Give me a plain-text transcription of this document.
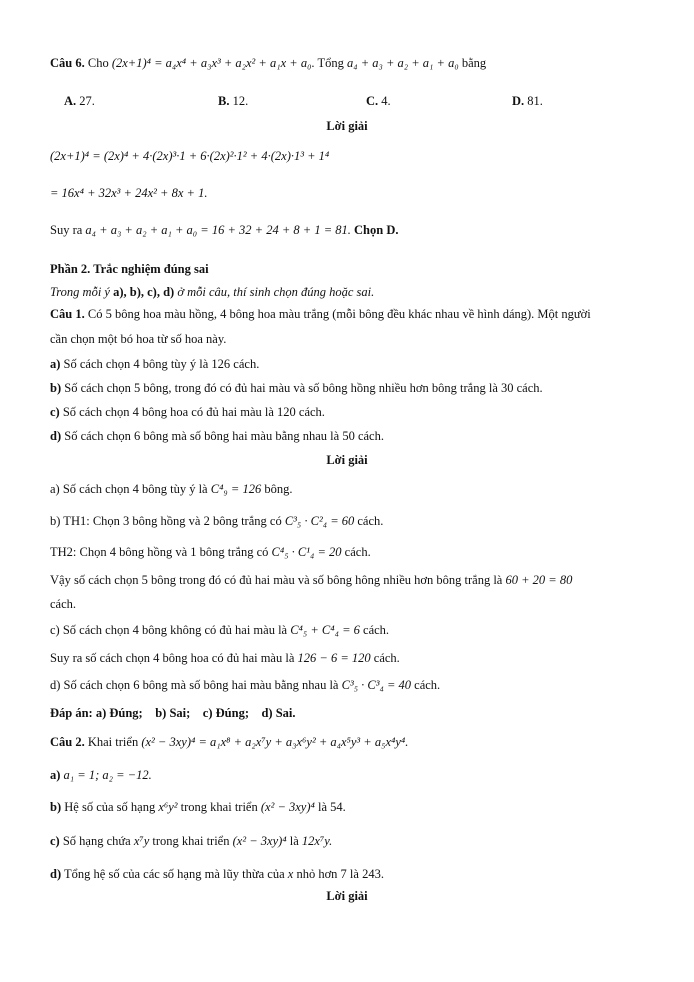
Câu 6. Cho (2x+1)⁴ = a₄x⁴ + a₃x³ + a₂x² + a₁x + a₀. Tổng a₄ + a₃ + a₂ + a₁ + a₀ bằng
A. 27.	B. 12.	C. 4.	D. 81.
Lời giải
(2x+1)⁴ = (2x)⁴ + 4·(2x)³·1 + 6·(2x)²·1² + 4·(2x)·1³ + 1⁴
= 16x⁴ + 32x³ + 24x² + 8x + 1.
Suy ra a₄ + a₃ + a₂ + a₁ + a₀ = 16 + 32 + 24 + 8 + 1 = 81. Chọn D.
Phần 2. Trắc nghiệm đúng sai
Trong mỗi ý a), b), c), d) ở mỗi câu, thí sinh chọn đúng hoặc sai.
Câu 1. Có 5 bông hoa màu hồng, 4 bông hoa màu trắng (mỗi bông đều khác nhau về hình dáng). Một người
cần chọn một bó hoa từ số hoa này.
a) Số cách chọn 4 bông tùy ý là 126 cách.
b) Số cách chọn 5 bông, trong đó có đủ hai màu và số bông hồng nhiều hơn bông trắng là 30 cách.
c) Số cách chọn 4 bông hoa có đủ hai màu là 120 cách.
d) Số cách chọn 6 bông mà số bông hai màu bằng nhau là 50 cách.
Lời giải
a) Số cách chọn 4 bông tùy ý là C⁴₉ = 126 bông.
b) TH1: Chọn 3 bông hồng và 2 bông trắng có C³₅ · C²₄ = 60 cách.
TH2: Chọn 4 bông hồng và 1 bông trắng có C⁴₅ · C¹₄ = 20 cách.
Vậy số cách chọn 5 bông trong đó có đủ hai màu và số bông hông nhiều hơn bông trắng là 60 + 20 = 80
cách.
c) Số cách chọn 4 bông không có đủ hai màu là C⁴₅ + C⁴₄ = 6 cách.
Suy ra số cách chọn 4 bông hoa có đủ hai màu là 126 − 6 = 120 cách.
d) Số cách chọn 6 bông mà số bông hai màu bằng nhau là C³₅ · C³₄ = 40 cách.
Đáp án: a) Đúng;    b) Sai;    c) Đúng;    d) Sai.
Câu 2. Khai triển (x² − 3xy)⁴ = a₁x⁸ + a₂x⁷y + a₃x⁶y² + a₄x⁵y³ + a₅x⁴y⁴.
a) a₁ = 1; a₂ = −12.
b) Hệ số của số hạng x⁶y² trong khai triển (x² − 3xy)⁴ là 54.
c) Số hạng chứa x⁷y trong khai triển (x² − 3xy)⁴ là 12x⁷y.
d) Tổng hệ số của các số hạng mà lũy thừa của x nhỏ hơn 7 là 243.
Lời giải
